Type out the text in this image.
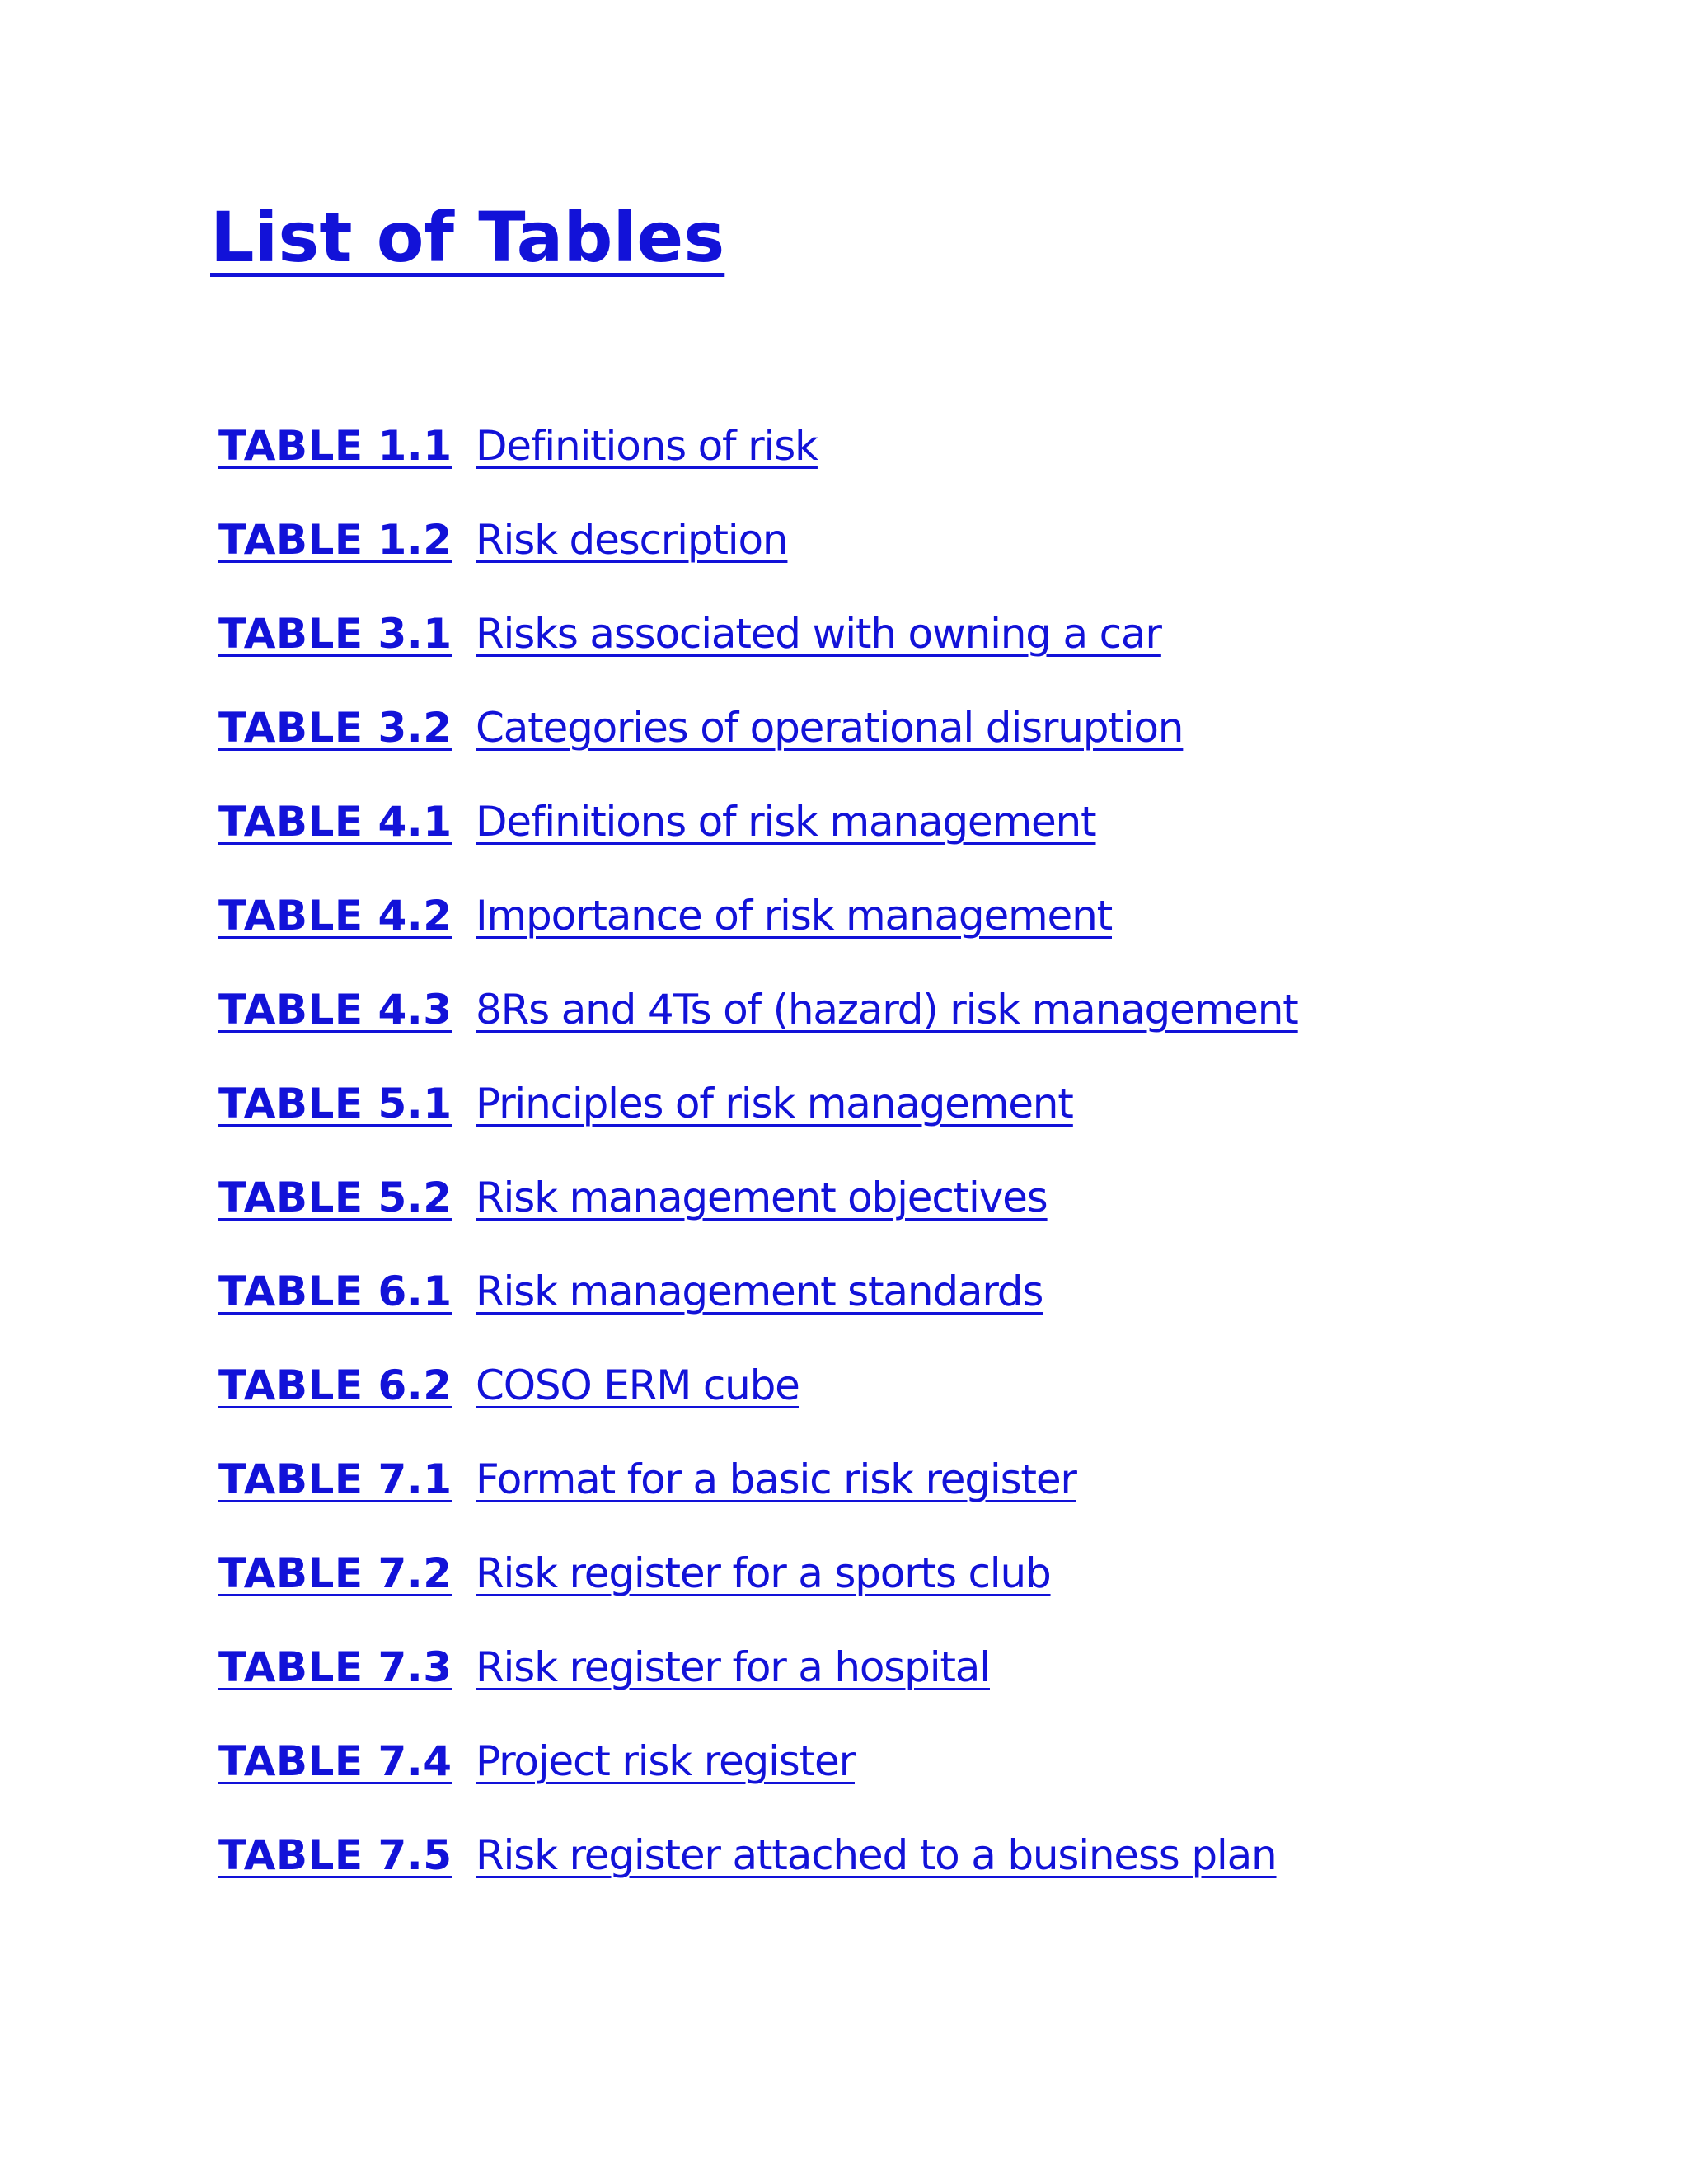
List of Tables
TABLE 1.1 Definitions of risk
TABLE 1.2 Risk description
TABLE 3.1 Risks associated with owning a car
TABLE 3.2 Categories of operational disruption
TABLE 4.1 Definitions of risk management
TABLE 4.2 Importance of risk management
TABLE 4.3 8Rs and 4Ts of (hazard) risk management
TABLE 5.1 Principles of risk management
TABLE 5.2 Risk management objectives
TABLE 6.1 Risk management standards
TABLE 6.2 COSO ERM cube
TABLE 7.1 Format for a basic risk register
TABLE 7.2 Risk register for a sports club
TABLE 7.3 Risk register for a hospital
TABLE 7.4 Project risk register
TABLE 7.5 Risk register attached to a business plan
